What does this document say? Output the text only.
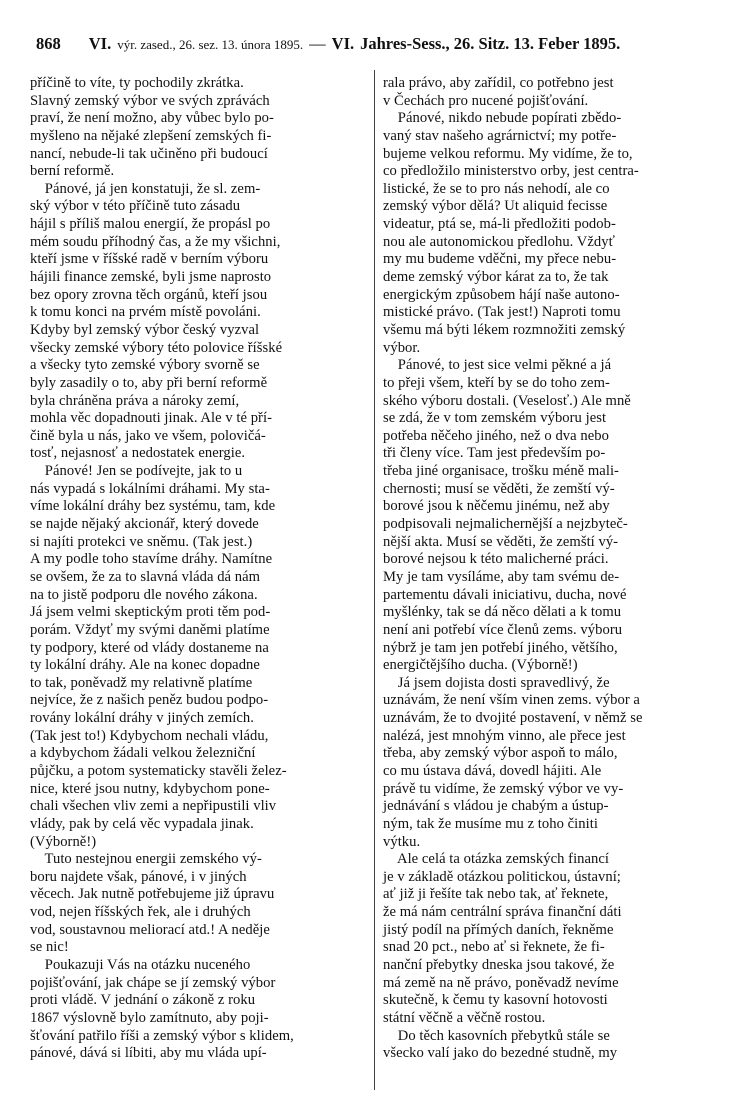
868 VI. výr. zased., 26. sez. 13. února 1895. — VI. Jahres-Sess., 26. Sitz. 13. Feber 1895.
příčině to víte, ty pochodily zkrátka.
Slavný zemský výbor ve svých zprávách
praví, že není možno, aby vůbec bylo po-
myšleno na nějaké zlepšení zemských fi-
nancí, nebude-li tak učiněno při budoucí
berní reformě.
Pánové, já jen konstatuji, že sl. zem-
ský výbor v této příčině tuto zásadu
hájil s příliš malou energií, že propásl po
mém soudu příhodný čas, a že my všichni,
kteří jsme v říšské radě v berním výboru
hájili finance zemské, byli jsme naprosto
bez opory zrovna těch orgánů, kteří jsou
k tomu konci na prvém místě povoláni.
Kdyby byl zemský výbor český vyzval
všecky zemské výbory této polovice říšské
a všecky tyto zemské výbory svorně se
byly zasadily o to, aby při berní reformě
byla chráněna práva a nároky zemí,
mohla věc dopadnouti jinak. Ale v té pří-
čině byla u nás, jako ve všem, polovičá-
tosť, nejasnosť a nedostatek energie.
Pánové! Jen se podívejte, jak to u
nás vypadá s lokálními dráhami. My sta-
víme lokální dráhy bez systému, tam, kde
se najde nějaký akcionář, který dovede
si najíti protekci ve sněmu. (Tak jest.)
A my podle toho stavíme dráhy. Namítne
se ovšem, že za to slavná vláda dá nám
na to jistě podporu dle nového zákona.
Já jsem velmi skeptickým proti těm pod-
porám. Vždyť my svými daněmi platíme
ty podpory, které od vlády dostaneme na
ty lokální dráhy. Ale na konec dopadne
to tak, poněvadž my relativně platíme
nejvíce, že z našich peněz budou podpo-
rovány lokální dráhy v jiných zemích.
(Tak jest to!) Kdybychom nechali vládu,
a kdybychom žádali velkou železniční
půjčku, a potom systematicky stavěli želez-
nice, které jsou nutny, kdybychom pone-
chali všechen vliv zemi a nepřipustili vliv
vlády, pak by celá věc vypadala jinak.
(Výborně!)
Tuto nestejnou energii zemského vý-
boru najdete však, pánové, i v jiných
věcech. Jak nutně potřebujeme již úpravu
vod, nejen říšských řek, ale i druhých
vod, soustavnou meliorací atd.! A neděje
se nic!
Poukazuji Vás na otázku nuceného
pojišťování, jak chápe se jí zemský výbor
proti vládě. V jednání o zákoně z roku
1867 výslovně bylo zamítnuto, aby poji-
šťování patřilo říši a zemský výbor s klidem,
pánové, dává si líbiti, aby mu vláda upí-
rala právo, aby zařídil, co potřebno jest
v Čechách pro nucené pojišťování.
Pánové, nikdo nebude popírati zbědo-
vaný stav našeho agrárnictví; my potře-
bujeme velkou reformu. My vidíme, že to,
co předložilo ministerstvo orby, jest centra-
listické, že se to pro nás nehodí, ale co
zemský výbor dělá? Ut aliquid fecisse
videatur, ptá se, má-li předložiti podob-
nou ale autonomickou předlohu. Vždyť
my mu budeme vděčni, my přece nebu-
deme zemský výbor kárat za to, že tak
energickým způsobem hájí naše autono-
mistické právo. (Tak jest!) Naproti tomu
všemu má býti lékem rozmnožiti zemský
výbor.
Pánové, to jest sice velmi pěkné a já
to přeji všem, kteří by se do toho zem-
ského výboru dostali. (Veselosť.) Ale mně
se zdá, že v tom zemském výboru jest
potřeba něčeho jiného, než o dva nebo
tři členy více. Tam jest především po-
třeba jiné organisace, trošku méně mali-
chernosti; musí se věděti, že zemští vý-
borové jsou k něčemu jinému, než aby
podpisovali nejmalichernější a nejzbyteč-
nější akta. Musí se věděti, že zemští vý-
borové nejsou k této malicherné práci.
My je tam vysíláme, aby tam svému de-
partementu dávali iniciativu, ducha, nové
myšlénky, tak se dá něco dělati a k tomu
není ani potřebí více členů zems. výboru
nýbrž je tam jen potřebí jiného, většího,
energičtějšího ducha. (Výborně!)
Já jsem dojista dosti spravedlivý, že
uznávám, že není vším vinen zems. výbor a
uznávám, že to dvojité postavení, v němž se
nalézá, jest mnohým vinno, ale přece jest
třeba, aby zemský výbor aspoň to málo,
co mu ústava dává, dovedl hájiti. Ale
právě tu vidíme, že zemský výbor ve vy-
jednávání s vládou je chabým a ústup-
ným, tak že musíme mu z toho činiti
výtku.
Ale celá ta otázka zemských financí
je v základě otázkou politickou, ústavní;
ať již ji řešíte tak nebo tak, ať řeknete,
že má nám centrální správa finanční dáti
jistý podíl na přímých daních, řekněme
snad 20 pct., nebo ať si řeknete, že fi-
nanční přebytky dneska jsou takové, že
má země na ně právo, poněvadž nevíme
skutečně, k čemu ty kasovní hotovosti
státní věčně a věčně rostou.
Do těch kasovních přebytků stále se
všecko valí jako do bezedné studně, my
